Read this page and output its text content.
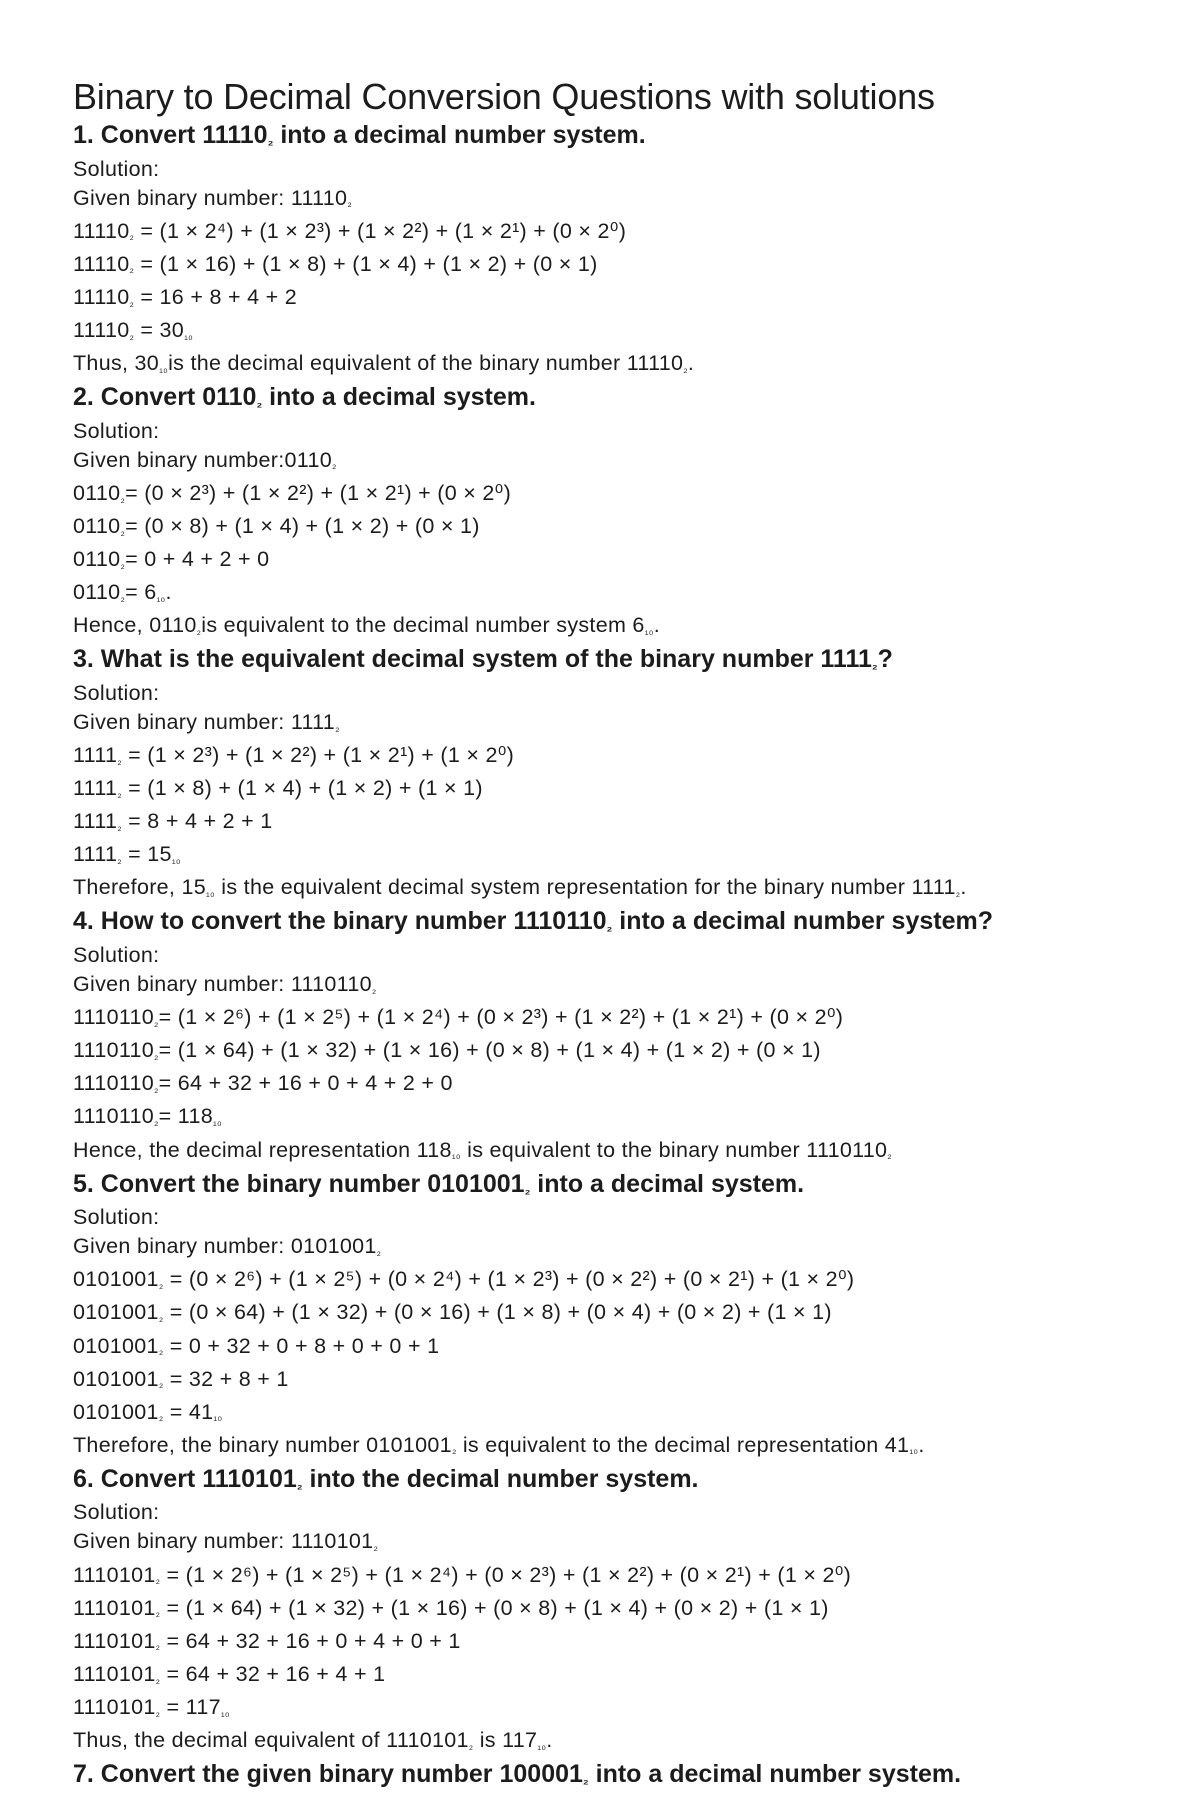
Binary to Decimal Conversion Questions with solutions
1. Convert 11110₂ into a decimal number system.

Solution:

Given binary number: 11110₂

11110₂ = (1 × 2⁴) + (1 × 2³) + (1 × 2²) + (1 × 2¹) + (0 × 2⁰)

11110₂ = (1 × 16) + (1 × 8) + (1 × 4) + (1 × 2) + (0 × 1)

11110₂ = 16 + 8 + 4 + 2

11110₂ = 30₁₀

Thus, 30₁₀is the decimal equivalent of the binary number 11110₂.

2. Convert 0110₂ into a decimal system.

Solution:

Given binary number:0110₂

0110₂= (0 × 2³) + (1 × 2²) + (1 × 2¹) + (0 × 2⁰)

0110₂= (0 × 8) + (1 × 4) + (1 × 2) + (0 × 1)

0110₂= 0 + 4 + 2 + 0

0110₂= 6₁₀.

Hence, 0110₂is equivalent to the decimal number system 6₁₀.

3. What is the equivalent decimal system of the binary number 1111₂?

Solution:

Given binary number: 1111₂

1111₂ = (1 × 2³) + (1 × 2²) + (1 × 2¹) + (1 × 2⁰)

1111₂ = (1 × 8) + (1 × 4) + (1 × 2) + (1 × 1)

1111₂ = 8 + 4 + 2 + 1

1111₂ = 15₁₀

Therefore, 15₁₀ is the equivalent decimal system representation for the binary number 1111₂.

4. How to convert the binary number 1110110₂ into a decimal number system?

Solution:

Given binary number: 1110110₂

1110110₂= (1 × 2⁶) + (1 × 2⁵) + (1 × 2⁴) + (0 × 2³) + (1 × 2²) + (1 × 2¹) + (0 × 2⁰)

1110110₂= (1 × 64) + (1 × 32) + (1 × 16) + (0 × 8) + (1 × 4) + (1 × 2) + (0 × 1)

1110110₂= 64 + 32 + 16 + 0 + 4 + 2 + 0

1110110₂= 118₁₀

Hence, the decimal representation 118₁₀ is equivalent to the binary number 1110110₂

5. Convert the binary number 0101001₂ into a decimal system.

Solution:

Given binary number: 0101001₂

0101001₂ = (0 × 2⁶) + (1 × 2⁵) + (0 × 2⁴) + (1 × 2³) + (0 × 2²) + (0 × 2¹) + (1 × 2⁰)

0101001₂ = (0 × 64) + (1 × 32) + (0 × 16) + (1 × 8) + (0 × 4) + (0 × 2) + (1 × 1)

0101001₂ = 0 + 32 + 0 + 8 + 0 + 0 + 1

0101001₂ = 32 + 8 + 1

0101001₂ = 41₁₀

Therefore, the binary number 0101001₂ is equivalent to the decimal representation 41₁₀.

6. Convert 1110101₂ into the decimal number system.

Solution:

Given binary number: 1110101₂

1110101₂ = (1 × 2⁶) + (1 × 2⁵) + (1 × 2⁴) + (0 × 2³) + (1 × 2²) + (0 × 2¹) + (1 × 2⁰)

1110101₂ = (1 × 64) + (1 × 32) + (1 × 16) + (0 × 8) + (1 × 4) + (0 × 2) + (1 × 1)

1110101₂ = 64 + 32 + 16 + 0 + 4 + 0 + 1

1110101₂ = 64 + 32 + 16 + 4 + 1

1110101₂ = 117₁₀

Thus, the decimal equivalent of 1110101₂ is 117₁₀.

7. Convert the given binary number 100001₂ into a decimal number system.
